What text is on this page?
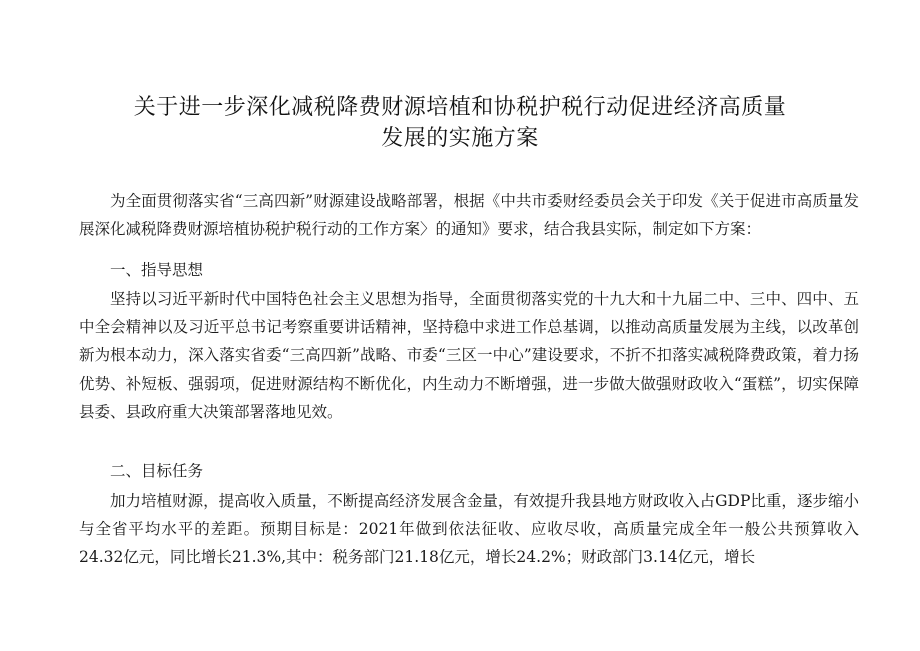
关于进一步深化减税降费财源培植和协税护税行动促进经济高质量
发展的实施方案

为全面贯彻落实省“三高四新”财源建设战略部署，根据《中共市委财经委员会关于印发《关于促进市高质量发展深化减税降费财源培植协税护税行动的工作方案〉的通知》要求，结合我县实际，制定如下方案：

一、指导思想

坚持以习近平新时代中国特色社会主义思想为指导，全面贯彻落实党的十九大和十九届二中、三中、四中、五中全会精神以及习近平总书记考察重要讲话精神，坚持稳中求进工作总基调，以推动高质量发展为主线，以改革创新为根本动力，深入落实省委“三高四新”战略、市委“三区一中心”建设要求，不折不扣落实减税降费政策，着力扬优势、补短板、强弱项，促进财源结构不断优化，内生动力不断增强，进一步做大做强财政收入“蛋糕”，切实保障县委、县政府重大决策部署落地见效。

二、目标任务

加力培植财源，提高收入质量，不断提高经济发展含金量，有效提升我县地方财政收入占GDP比重，逐步缩小与全省平均水平的差距。预期目标是：2021年做到依法征收、应收尽收，高质量完成全年一般公共预算收入24.32亿元，同比增长21.3%,其中：税务部门21.18亿元，增长24.2%；财政部门3.14亿元，增长
